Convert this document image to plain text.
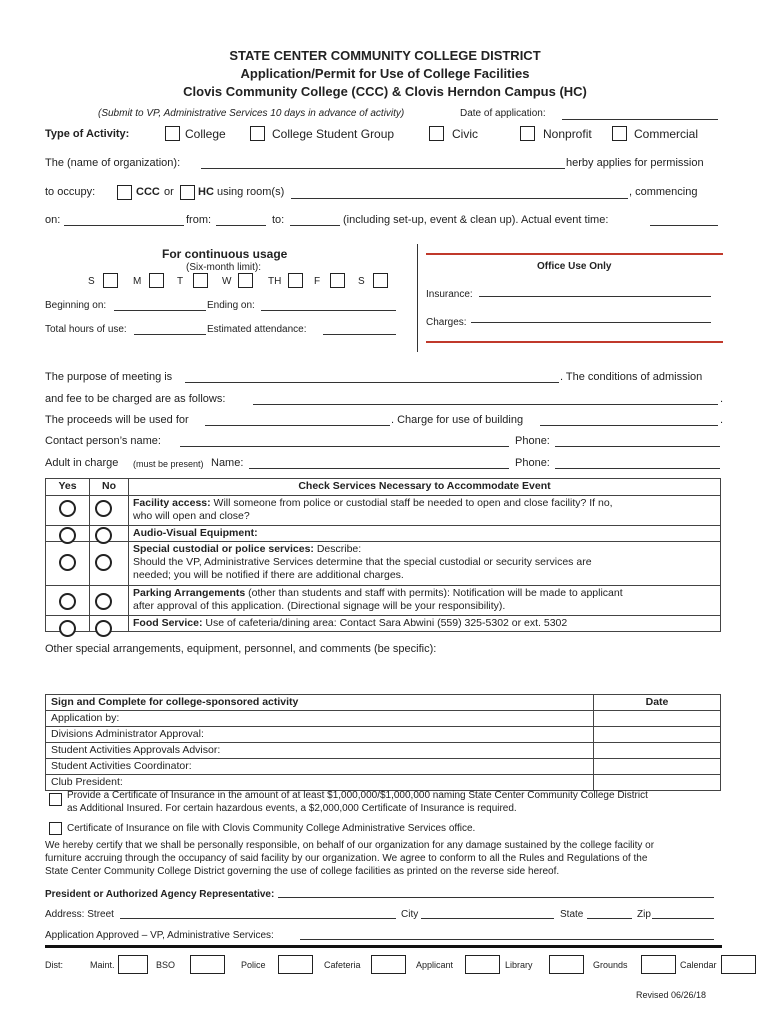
STATE CENTER COMMUNITY COLLEGE DISTRICT
Application/Permit for Use of College Facilities
Clovis Community College (CCC) & Clovis Herndon Campus (HC)
(Submit to VP, Administrative Services 10 days in advance of activity)	Date of application:
Type of Activity:	College	College Student Group	Civic	Nonprofit	Commercial
The (name of organization):	herby applies for permission
to occupy:	CCC or HC using room(s)	, commencing
on:	from:	to:	(including set-up, event & clean up). Actual event time:
For continuous usage
(Six-month limit):
S	M	T	W	TH	F	S
Beginning on:	Ending on:
Total hours of use:	Estimated attendance:
Office Use Only
Insurance:
Charges:
The purpose of meeting is	. The conditions of admission
and fee to be charged are as follows:	.
The proceeds will be used for	. Charge for use of building	.
Contact person’s name:	Phone:
Adult in charge (must be present) Name:	Phone:
Yes	No	Check Services Necessary to Accommodate Event
		Facility access: Will someone from police or custodial staff be needed to open and close facility? If no,
who will open and close?
		Audio-Visual Equipment:
		Special custodial or police services: Describe:
Should the VP, Administrative Services determine that the special custodial or security services are
needed; you will be notified if there are additional charges.
		Parking Arrangements (other than students and staff with permits): Notification will be made to applicant
after approval of this application. (Directional signage will be your responsibility).
		Food Service: Use of cafeteria/dining area: Contact Sara Abwini (559) 325-5302 or ext. 5302
Other special arrangements, equipment, personnel, and comments (be specific):
Sign and Complete for college-sponsored activity	Date
Application by:	
Divisions Administrator Approval:	
Student Activities Approvals Advisor:	
Student Activities Coordinator:	
Club President:	
Provide a Certificate of Insurance in the amount of at least $1,000,000/$1,000,000 naming State Center Community College District
as Additional Insured. For certain hazardous events, a $2,000,000 Certificate of Insurance is required.
Certificate of Insurance on file with Clovis Community College Administrative Services office.
We hereby certify that we shall be personally responsible, on behalf of our organization for any damage sustained by the college facility or
furniture accruing through the occupancy of said facility by our organization. We agree to conform to all the Rules and Regulations of the
State Center Community College District governing the use of college facilities as printed on the reverse side hereof.
President or Authorized Agency Representative:
Address: Street	City	State	Zip
Application Approved – VP, Administrative Services:
Dist:	Maint.	BSO	Police	Cafeteria	Applicant	Library	Grounds	Calendar
Revised 06/26/18
